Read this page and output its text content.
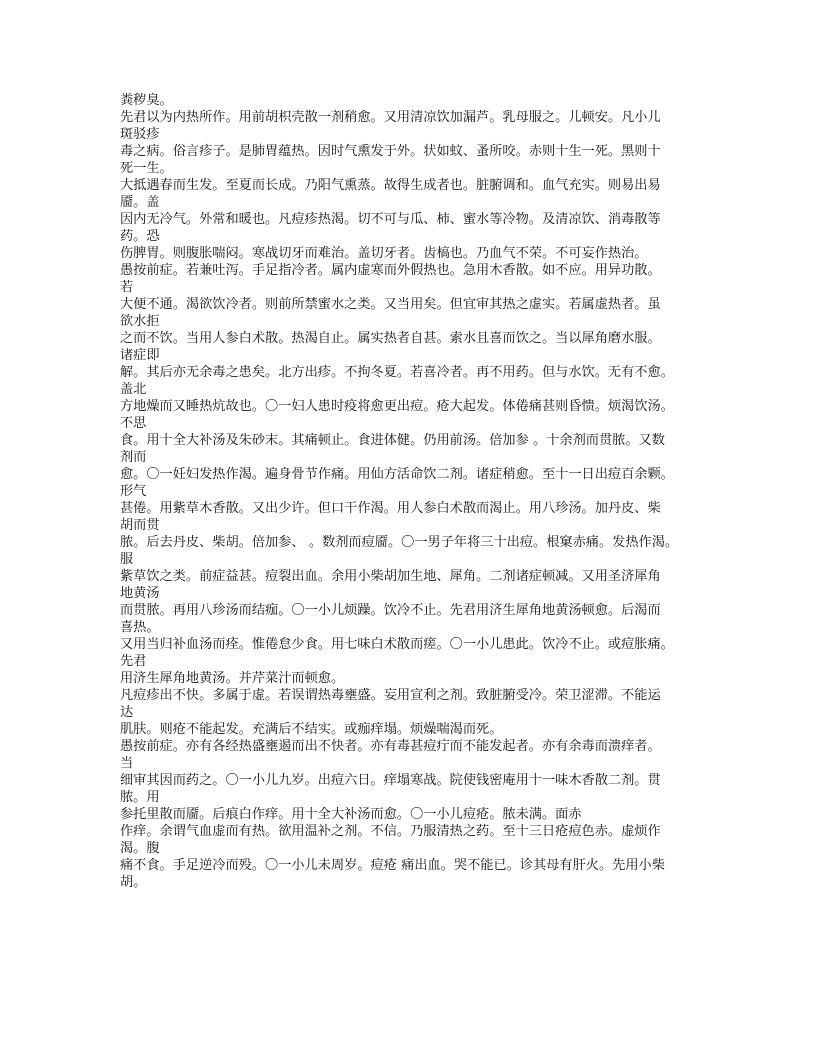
粪秽臭。

先君以为内热所作。用前胡枳壳散一剂稍愈。又用清凉饮加漏芦。乳母服之。儿顿安。凡小儿

斑驳疹

毒之病。俗言疹子。是肺胃蕴热。因时气熏发于外。状如蚊、蚤所咬。赤则十生一死。黑则十

死一生。

大抵遇春而生发。至夏而长成。乃阳气熏蒸。故得生成者也。脏腑调和。血气充实。则易出易

靥。盖

因内无冷气。外常和暖也。凡痘疹热渴。切不可与瓜、柿、蜜水等冷物。及清凉饮、消毒散等

药。恐

伤脾胃。则腹胀喘闷。寒战切牙而难治。盖切牙者。齿槁也。乃血气不荣。不可妄作热治。

愚按前症。若兼吐泻。手足指冷者。属内虚寒而外假热也。急用木香散。如不应。用异功散。

若

大便不通。渴欲饮冷者。则前所禁蜜水之类。又当用矣。但宜审其热之虚实。若属虚热者。虽

欲水拒

之而不饮。当用人参白术散。热渴自止。属实热者自甚。索水且喜而饮之。当以犀角磨水服。

诸症即

解。其后亦无余毒之患矣。北方出疹。不拘冬夏。若喜冷者。再不用药。但与水饮。无有不愈。

盖北

方地燥而又睡热炕故也。〇一妇人患时疫将愈更出痘。疮大起发。体倦痛甚则昏愦。烦渴饮汤。

不思

食。用十全大补汤及朱砂末。其痛顿止。食进体健。仍用前汤。倍加参 。十余剂而贯脓。又数

剂而

愈。〇一妊妇发热作渴。遍身骨节作痛。用仙方活命饮二剂。诸症稍愈。至十一日出痘百余颗。

形气

甚倦。用紫草木香散。又出少许。但口干作渴。用人参白术散而渴止。用八珍汤。加丹皮、柴

胡而贯

脓。后去丹皮、柴胡。倍加参、 。数剂而痘靥。〇一男子年将三十出痘。根窠赤痛。发热作渴。

服

紫草饮之类。前症益甚。痘裂出血。余用小柴胡加生地、犀角。二剂诸症顿减。又用圣济犀角

地黄汤

而贯脓。再用八珍汤而结痂。〇一小儿烦躁。饮冷不止。先君用济生犀角地黄汤顿愈。后渴而

喜热。

又用当归补血汤而痊。惟倦怠少食。用七味白术散而瘥。〇一小儿患此。饮冷不止。或痘胀痛。

先君

用济生犀角地黄汤。并芹菜汁而顿愈。

凡痘疹出不快。多属于虚。若误谓热毒壅盛。妄用宣利之剂。致脏腑受冷。荣卫涩滞。不能运

达

肌肤。则疮不能起发。充满后不结实。或痂痒塌。烦燥喘渴而死。

愚按前症。亦有各经热盛壅遏而出不快者。亦有毒甚痘疔而不能发起者。亦有余毒而溃痒者。

当

细审其因而药之。〇一小儿九岁。出痘六日。痒塌寒战。院使钱密庵用十一味木香散二剂。贯

脓。用

参托里散而靥。后痕白作痒。用十全大补汤而愈。〇一小儿痘疮。脓未满。面赤

作痒。余谓气血虚而有热。欲用温补之剂。不信。乃服清热之药。至十三日疮痘色赤。虚烦作

渴。腹

痛不食。手足逆冷而殁。〇一小儿未周岁。痘疮 痛出血。哭不能已。诊其母有肝火。先用小柴

胡。
